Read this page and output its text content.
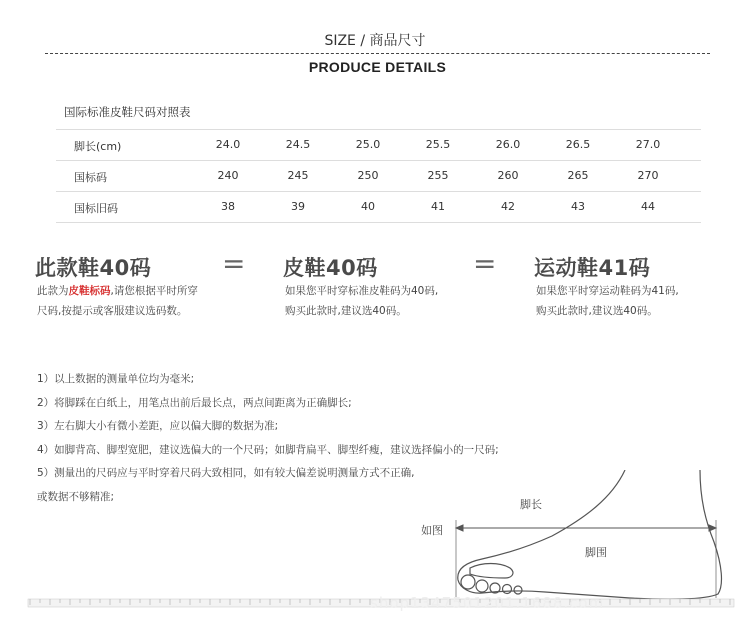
SIZE / 商品尺寸
PRODUCE DETAILS
国际标准皮鞋尺码对照表
脚长(cm)	24.0	24.5	25.0	25.5	26.0	26.5	27.0
国标码	240	245	250	255	260	265	270
国标旧码	38	39	40	41	42	43	44
此款鞋40码	= 皮鞋40码	= 运动鞋41码
此款为皮鞋标码,请您根据平时所穿
尺码,按提示或客服建议选码数。
如果您平时穿标准皮鞋码为40码,
购买此款时,建议选40码。
如果您平时穿运动鞋码为41码,
购买此款时,建议选40码。
1）以上数据的测量单位均为毫米;
2）将脚踩在白纸上，用笔点出前后最长点，两点间距离为正确脚长;
3）左右脚大小有微小差距，应以偏大脚的数据为准;
4）如脚背高、脚型宽肥，建议选偏大的一个尺码；如脚背扁平、脚型纤瘦，建议选择偏小的一尺码;
5）测量出的尺码应与平时穿着尺码大致相同，如有较大偏差说明测量方式不正确,
或数据不够精准;
脚长
如图
脚围
shop1347501201.1688.com
